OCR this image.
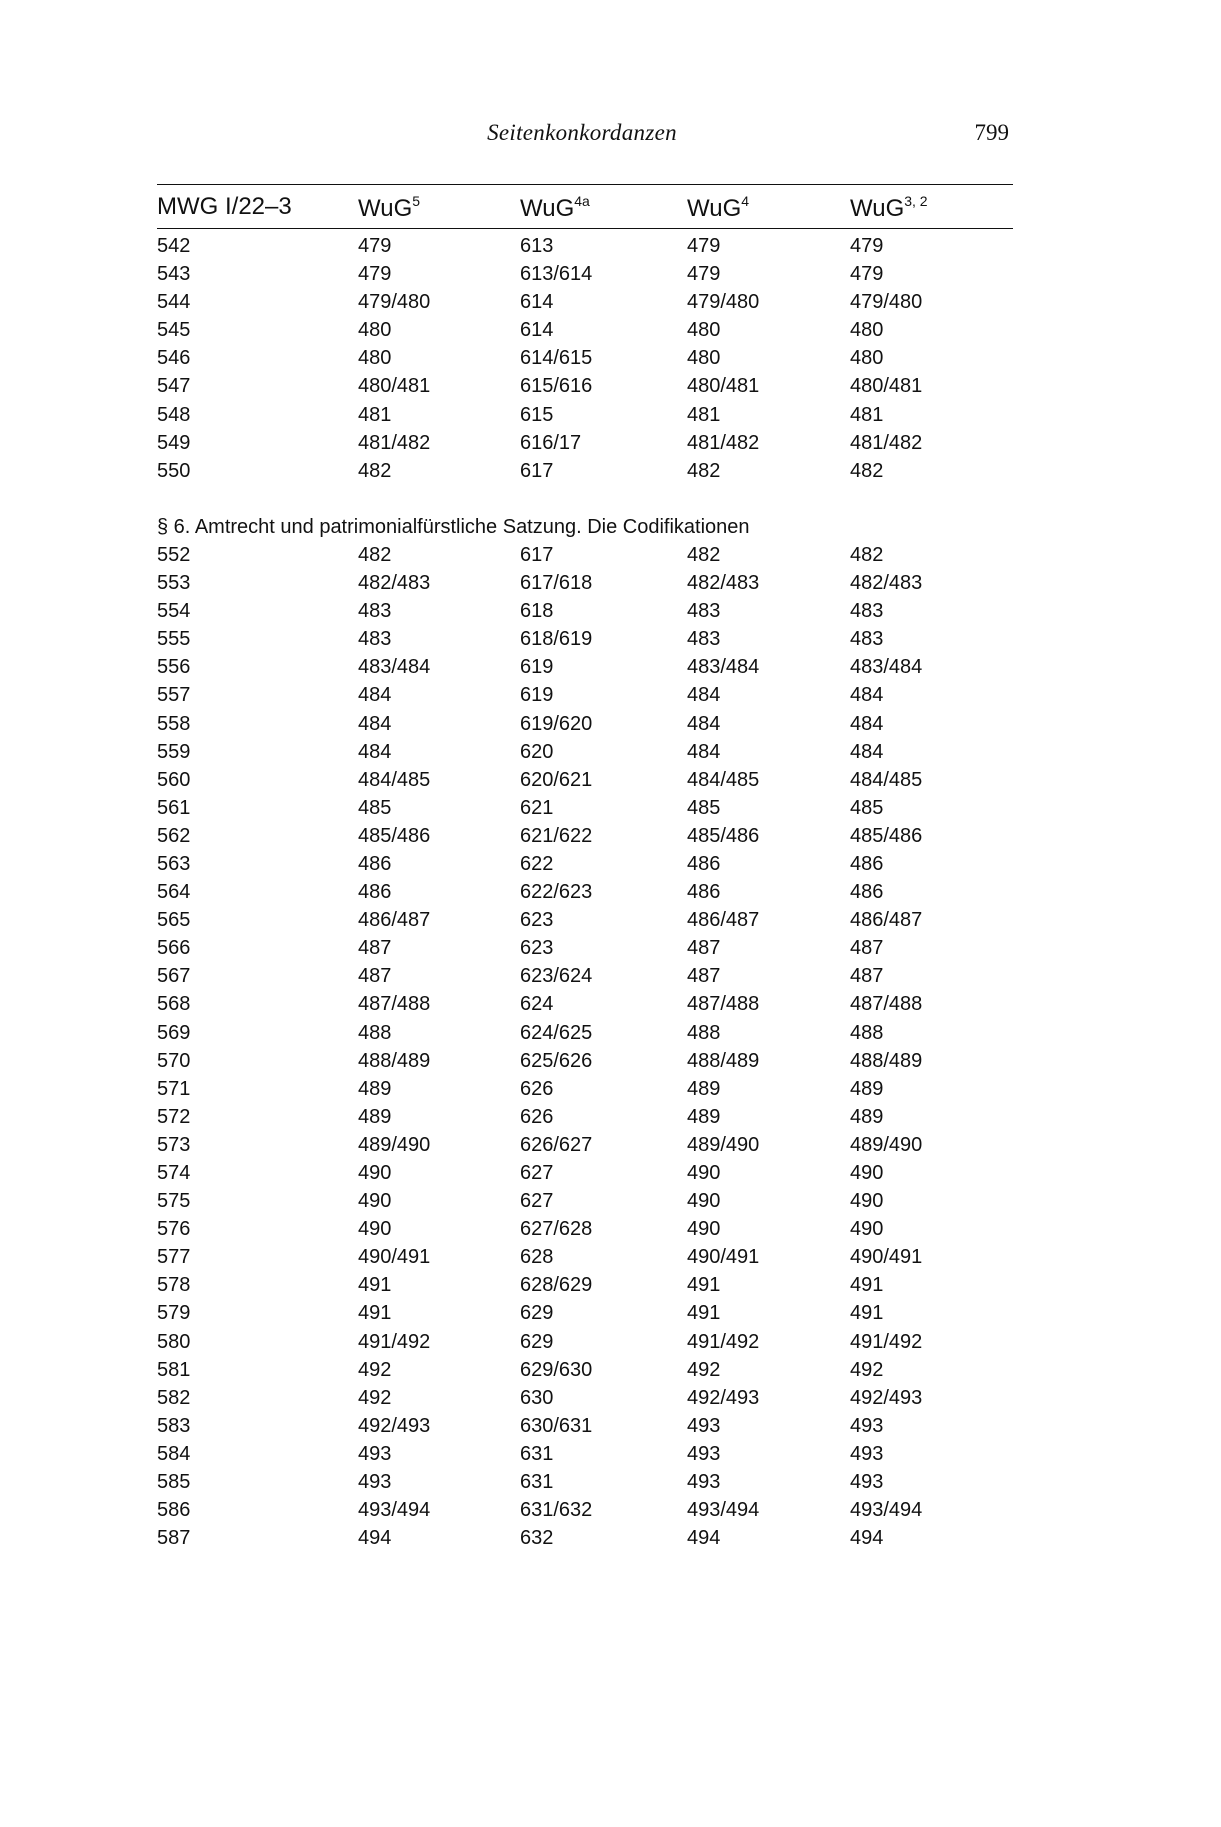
Seitenkonkordanzen	799
MWG I/22–3	WuG$^5$	WuG$^{4a}$	WuG$^4$	WuG$^{3, 2}$
542	479	613	479	479
543	479	613/614	479	479
544	479/480	614	479/480	479/480
545	480	614	480	480
546	480	614/615	480	480
547	480/481	615/616	480/481	480/481
548	481	615	481	481
549	481/482	616/17	481/482	481/482
550	482	617	482	482
§ 6. Amtrecht und patrimonialfürstliche Satzung. Die Codifikationen
552	482	617	482	482
553	482/483	617/618	482/483	482/483
554	483	618	483	483
555	483	618/619	483	483
556	483/484	619	483/484	483/484
557	484	619	484	484
558	484	619/620	484	484
559	484	620	484	484
560	484/485	620/621	484/485	484/485
561	485	621	485	485
562	485/486	621/622	485/486	485/486
563	486	622	486	486
564	486	622/623	486	486
565	486/487	623	486/487	486/487
566	487	623	487	487
567	487	623/624	487	487
568	487/488	624	487/488	487/488
569	488	624/625	488	488
570	488/489	625/626	488/489	488/489
571	489	626	489	489
572	489	626	489	489
573	489/490	626/627	489/490	489/490
574	490	627	490	490
575	490	627	490	490
576	490	627/628	490	490
577	490/491	628	490/491	490/491
578	491	628/629	491	491
579	491	629	491	491
580	491/492	629	491/492	491/492
581	492	629/630	492	492
582	492	630	492/493	492/493
583	492/493	630/631	493	493
584	493	631	493	493
585	493	631	493	493
586	493/494	631/632	493/494	493/494
587	494	632	494	494
